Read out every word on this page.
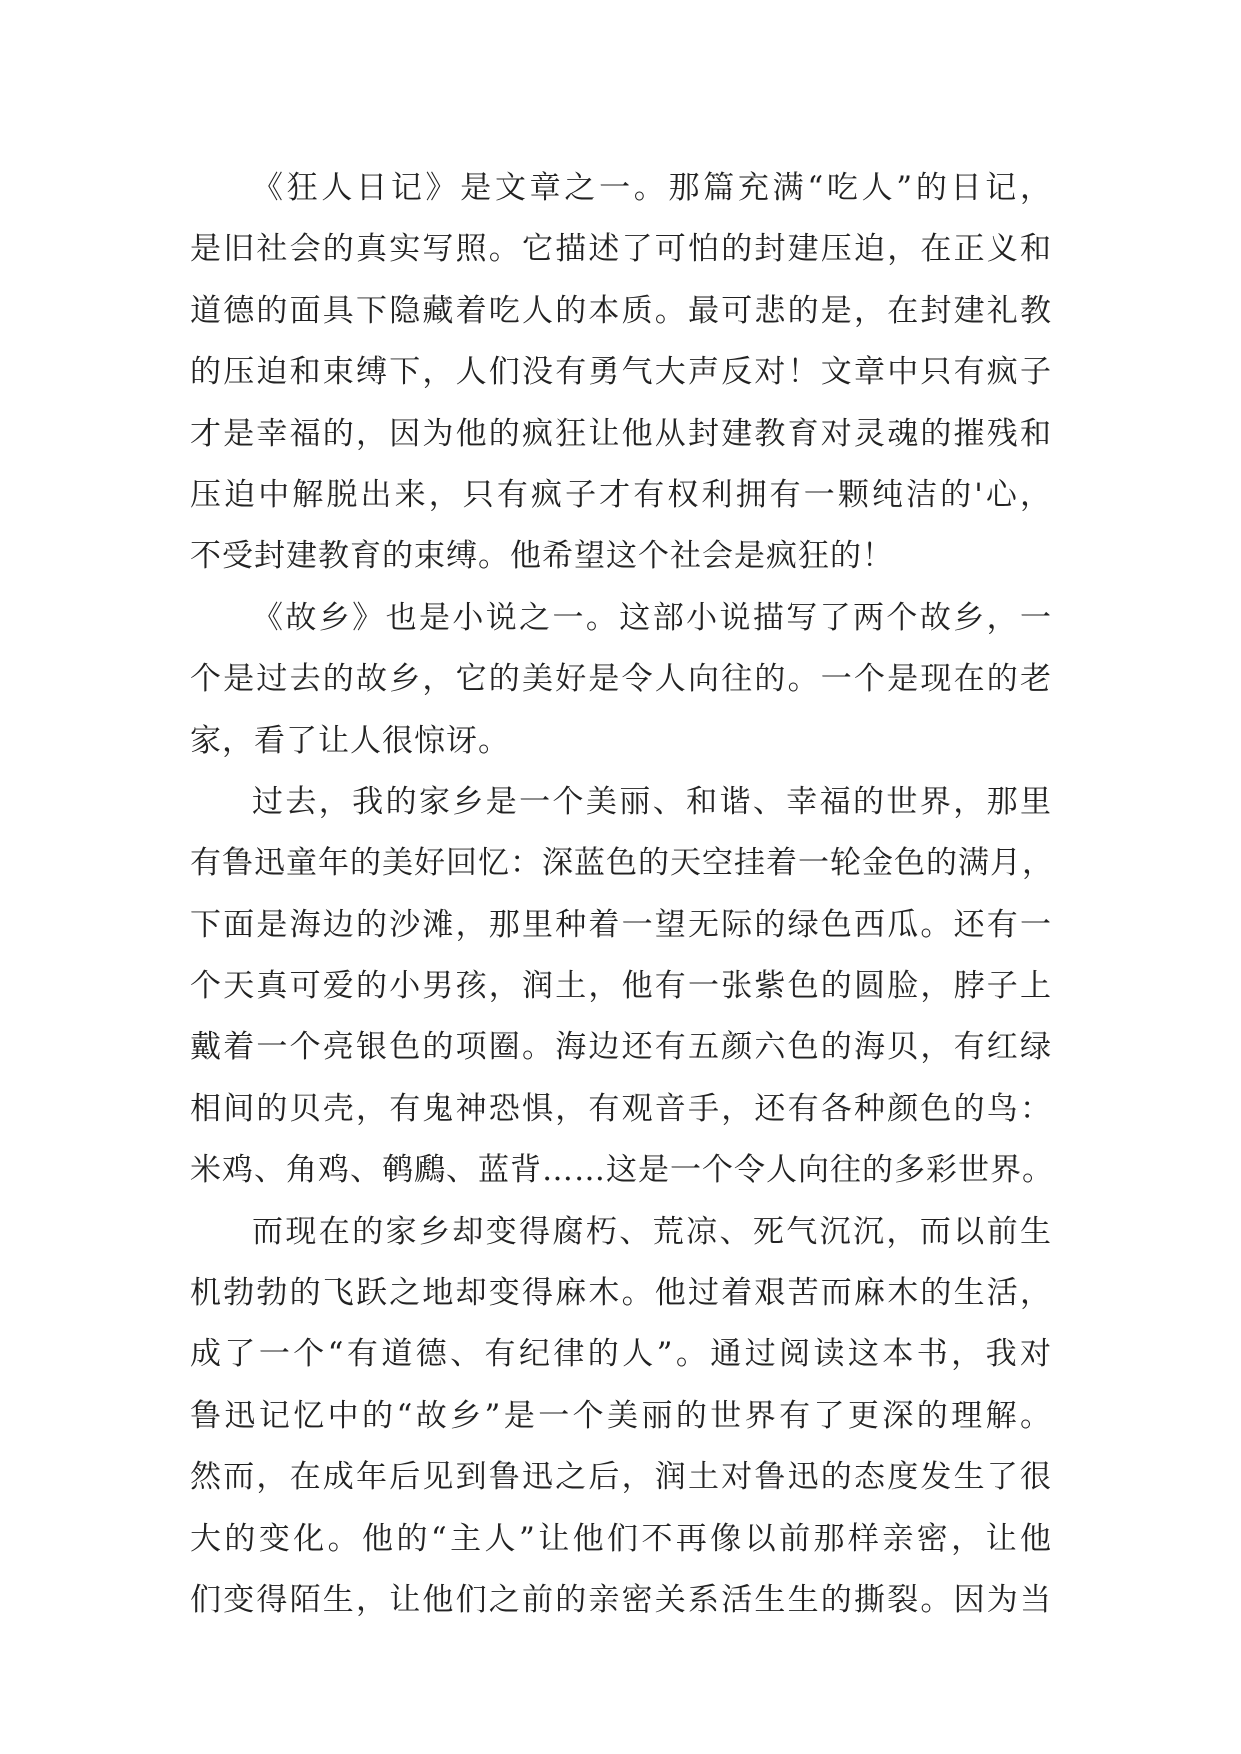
《狂人日记》是文章之一。那篇充满“吃人”的日记，
是旧社会的真实写照。它描述了可怕的封建压迫，在正义和
道德的面具下隐藏着吃人的本质。最可悲的是，在封建礼教
的压迫和束缚下，人们没有勇气大声反对！文章中只有疯子
才是幸福的，因为他的疯狂让他从封建教育对灵魂的摧残和
压迫中解脱出来，只有疯子才有权利拥有一颗纯洁的'心，
不受封建教育的束缚。他希望这个社会是疯狂的！
《故乡》也是小说之一。这部小说描写了两个故乡，一
个是过去的故乡，它的美好是令人向往的。一个是现在的老
家，看了让人很惊讶。
过去，我的家乡是一个美丽、和谐、幸福的世界，那里
有鲁迅童年的美好回忆：深蓝色的天空挂着一轮金色的满月，
下面是海边的沙滩，那里种着一望无际的绿色西瓜。还有一
个天真可爱的小男孩，润土，他有一张紫色的圆脸，脖子上
戴着一个亮银色的项圈。海边还有五颜六色的海贝，有红绿
相间的贝壳，有鬼神恐惧，有观音手，还有各种颜色的鸟：
米鸡、角鸡、鹌鷉、蓝背……这是一个令人向往的多彩世界。
而现在的家乡却变得腐朽、荒凉、死气沉沉，而以前生
机勃勃的飞跃之地却变得麻木。他过着艰苦而麻木的生活，
成了一个“有道德、有纪律的人”。通过阅读这本书，我对
鲁迅记忆中的“故乡”是一个美丽的世界有了更深的理解。
然而，在成年后见到鲁迅之后，润土对鲁迅的态度发生了很
大的变化。他的“主人”让他们不再像以前那样亲密，让他
们变得陌生，让他们之前的亲密关系活生生的撕裂。因为当
